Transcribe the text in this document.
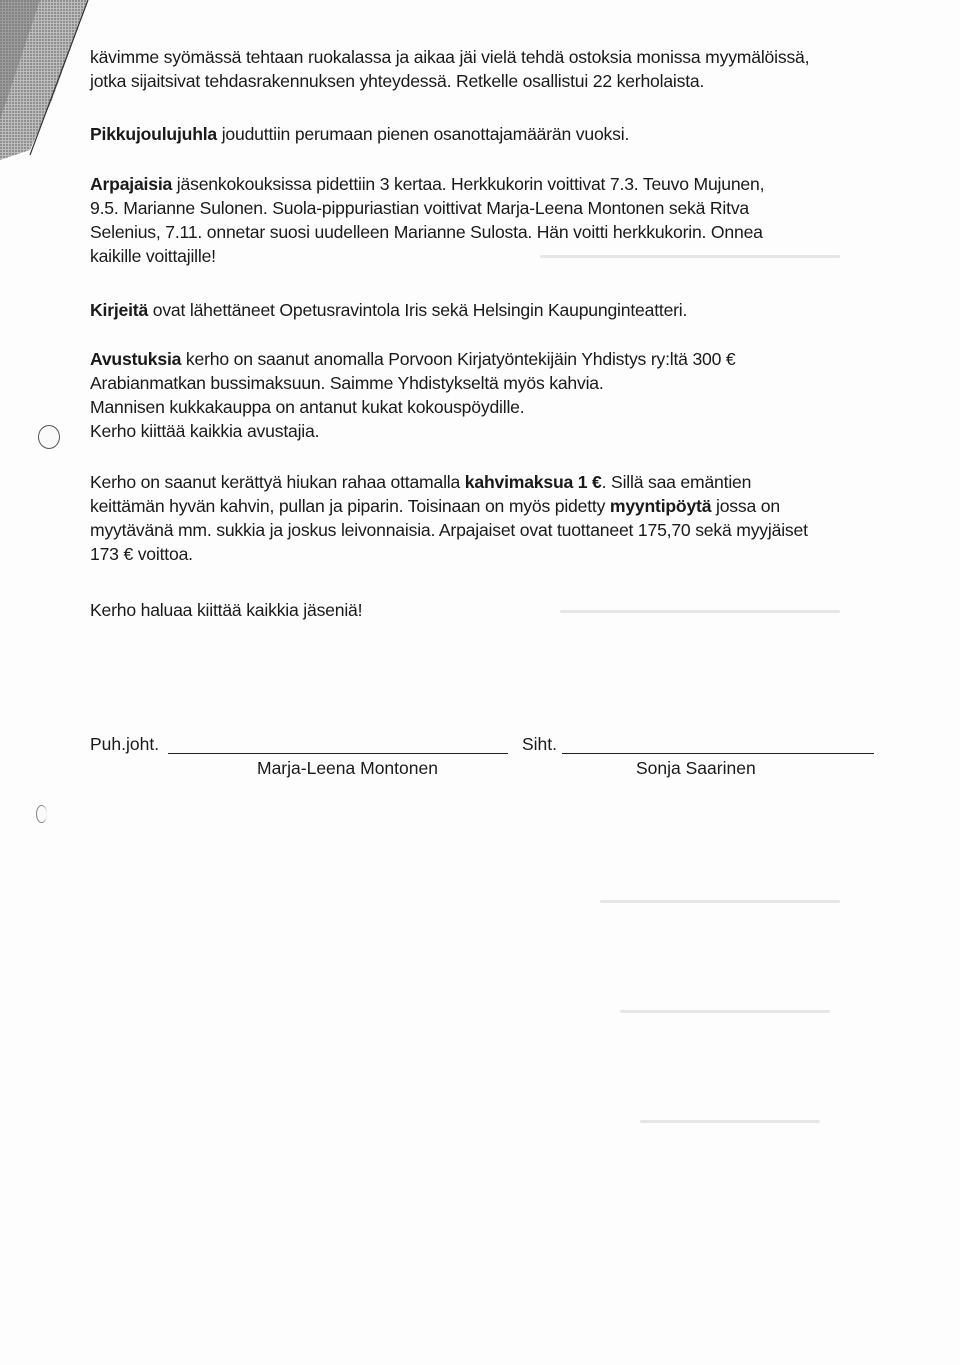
kävimme syömässä tehtaan ruokalassa ja aikaa jäi vielä tehdä ostoksia monissa myymälöissä,
jotka sijaitsivat tehdasrakennuksen yhteydessä. Retkelle osallistui 22 kerholaista.

Pikkujoulujuhla jouduttiin perumaan pienen osanottajamäärän vuoksi.

Arpajaisia jäsenkokouksissa pidettiin 3 kertaa. Herkkukorin voittivat 7.3. Teuvo Mujunen,
9.5. Marianne Sulonen. Suola-pippuriastian voittivat Marja-Leena Montonen sekä Ritva
Selenius, 7.11. onnetar suosi uudelleen Marianne Sulosta. Hän voitti herkkukorin. Onnea
kaikille voittajille!

Kirjeitä ovat lähettäneet Opetusravintola Iris sekä Helsingin Kaupunginteatteri.

Avustuksia kerho on saanut anomalla Porvoon Kirjatyöntekijäin Yhdistys ry:ltä 300 €
Arabianmatkan bussimaksuun. Saimme Yhdistykseltä myös kahvia.
Mannisen kukkakauppa on antanut kukat kokouspöydille.
Kerho kiittää kaikkia avustajia.

Kerho on saanut kerättyä hiukan rahaa ottamalla kahvimaksua 1 €. Sillä saa emäntien
keittämän hyvän kahvin, pullan ja piparin. Toisinaan on myös pidetty myyntipöytä jossa on
myytävänä mm. sukkia ja joskus leivonnaisia. Arpajaiset ovat tuottaneet 175,70 sekä myyjäiset
173 € voittoa.

Kerho haluaa kiittää kaikkia jäseniä!

Puh.joht.	Siht.
Marja-Leena Montonen	Sonja Saarinen
